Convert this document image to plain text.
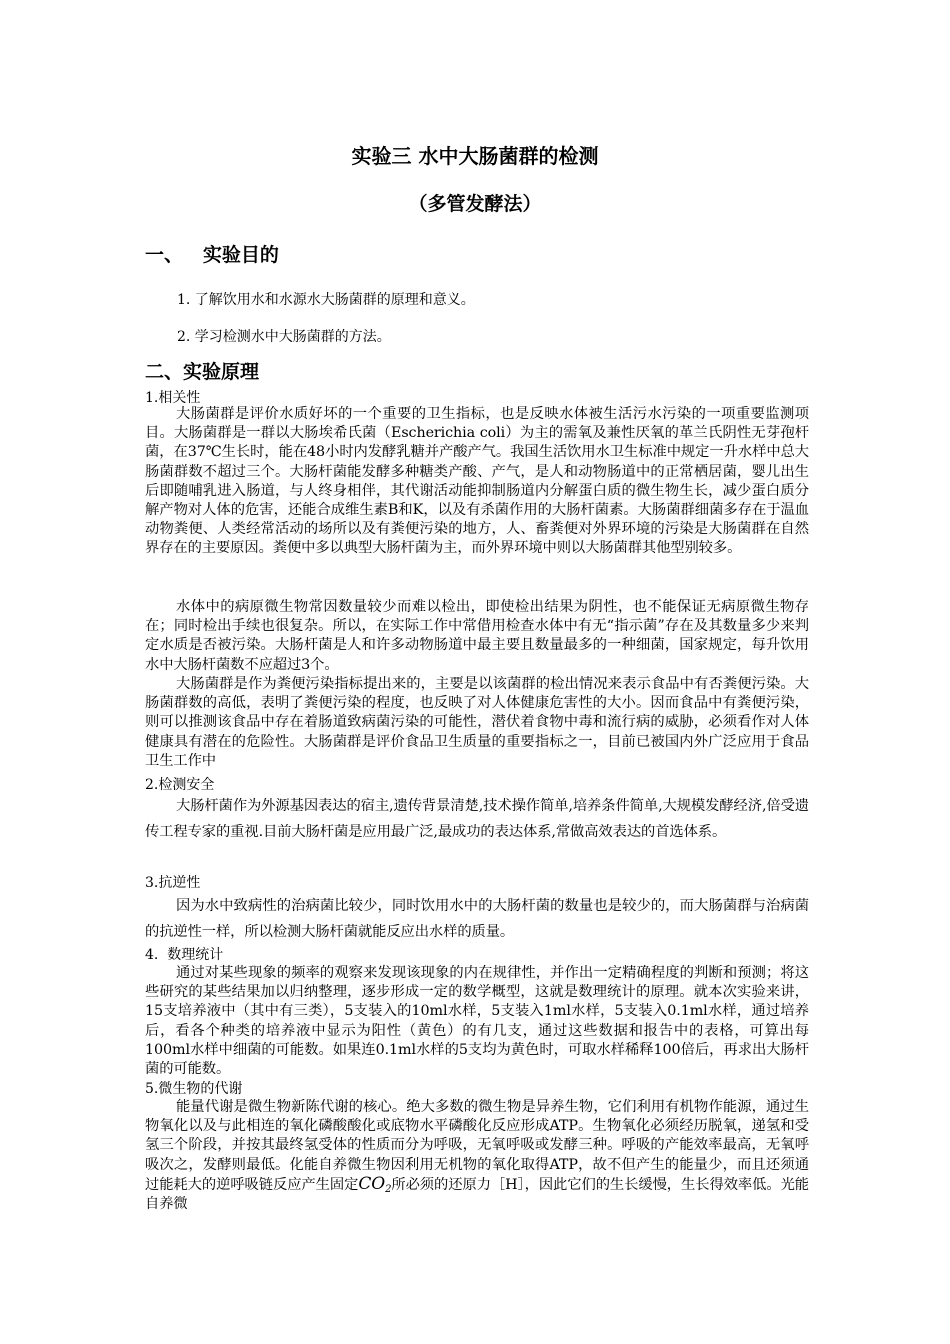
实验三 水中大肠菌群的检测
（多管发酵法）
一、   实验目的
1. 了解饮用水和水源水大肠菌群的原理和意义。
2. 学习检测水中大肠菌群的方法。
二、实验原理
1.相关性

大肠菌群是评价水质好坏的一个重要的卫生指标，也是反映水体被生活污水污染的一项重要监测项目。大肠菌群是一群以大肠埃希氏菌（Escherichia coli）为主的需氧及兼性厌氧的革兰氏阴性无芽孢杆菌，在37℃生长时，能在48小时内发酵乳糖并产酸产气。我国生活饮用水卫生标准中规定一升水样中总大肠菌群数不超过三个。大肠杆菌能发酵多种糖类产酸、产气，是人和动物肠道中的正常栖居菌，婴儿出生后即随哺乳进入肠道，与人终身相伴，其代谢活动能抑制肠道内分解蛋白质的微生物生长，减少蛋白质分解产物对人体的危害，还能合成维生素B和K，以及有杀菌作用的大肠杆菌素。大肠菌群细菌多存在于温血动物粪便、人类经常活动的场所以及有粪便污染的地方，人、畜粪便对外界环境的污染是大肠菌群在自然界存在的主要原因。粪便中多以典型大肠杆菌为主，而外界环境中则以大肠菌群其他型别较多。

水体中的病原微生物常因数量较少而难以检出，即使检出结果为阴性，也不能保证无病原微生物存在；同时检出手续也很复杂。所以，在实际工作中常借用检查水体中有无“指示菌”存在及其数量多少来判定水质是否被污染。大肠杆菌是人和许多动物肠道中最主要且数量最多的一种细菌，国家规定，每升饮用水中大肠杆菌数不应超过3个。

大肠菌群是作为粪便污染指标提出来的，主要是以该菌群的检出情况来表示食品中有否粪便污染。大肠菌群数的高低，表明了粪便污染的程度，也反映了对人体健康危害性的大小。因而食品中有粪便污染，则可以推测该食品中存在着肠道致病菌污染的可能性，潜伏着食物中毒和流行病的威胁，必须看作对人体健康具有潜在的危险性。大肠菌群是评价食品卫生质量的重要指标之一，目前已被国内外广泛应用于食品卫生工作中

2.检测安全

大肠杆菌作为外源基因表达的宿主,遗传背景清楚,技术操作简单,培养条件简单,大规模发酵经济,倍受遗传工程专家的重视.目前大肠杆菌是应用最广泛,最成功的表达体系,常做高效表达的首选体系。

3.抗逆性

因为水中致病性的治病菌比较少，同时饮用水中的大肠杆菌的数量也是较少的，而大肠菌群与治病菌的抗逆性一样，所以检测大肠杆菌就能反应出水样的质量。

4.  数理统计

通过对某些现象的频率的观察来发现该现象的内在规律性，并作出一定精确程度的判断和预测；将这些研究的某些结果加以归纳整理，逐步形成一定的数学概型，这就是数理统计的原理。就本次实验来讲，15支培养液中（其中有三类），5支装入的10ml水样，5支装入1ml水样，5支装入0.1ml水样，通过培养后，看各个种类的培养液中显示为阳性（黄色）的有几支，通过这些数据和报告中的表格，可算出每100ml水样中细菌的可能数。如果连0.1ml水样的5支均为黄色时，可取水样稀释100倍后，再求出大肠杆菌的可能数。

5.微生物的代谢

能量代谢是微生物新陈代谢的核心。绝大多数的微生物是异养生物，它们利用有机物作能源，通过生物氧化以及与此相连的氧化磷酸酸化或底物水平磷酸化反应形成ATP。生物氧化必须经历脱氧，递氢和受氢三个阶段，并按其最终氢受体的性质而分为呼吸，无氧呼吸或发酵三种。呼吸的产能效率最高，无氧呼吸次之，发酵则最低。化能自养微生物因利用无机物的氧化取得ATP，故不但产生的能量少，而且还须通过能耗大的逆呼吸链反应产生固定$CO_2$所必须的还原力［H］，因此它们的生长缓慢，生长得效率低。光能自养微
